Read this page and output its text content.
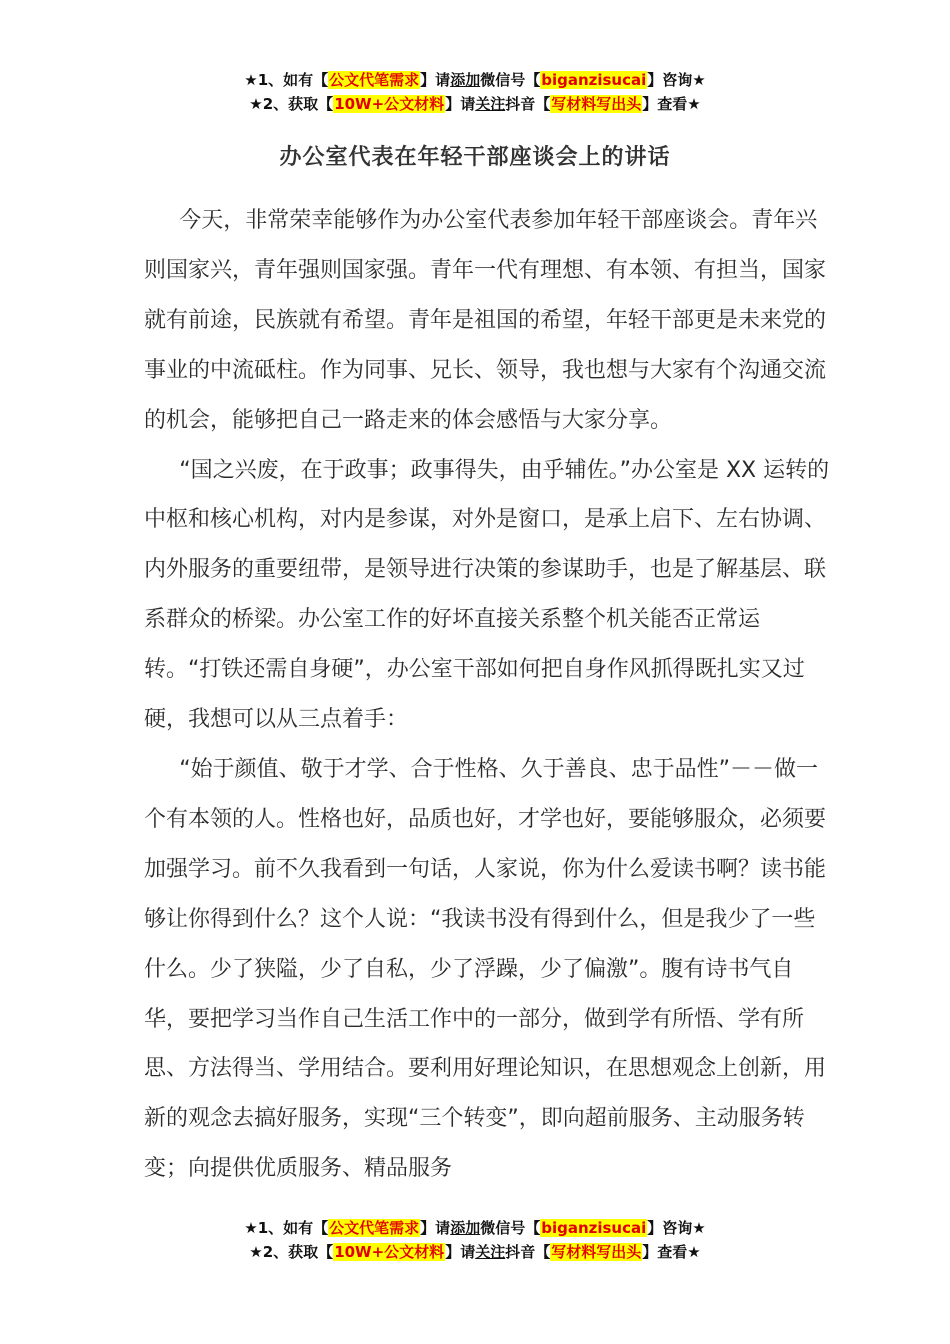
★1、如有【公文代笔需求】请添加微信号【biganzisucai】咨询★
★2、获取【10W+公文材料】请关注抖音【写材料写出头】查看★
办公室代表在年轻干部座谈会上的讲话

今天，非常荣幸能够作为办公室代表参加年轻干部座谈会。青年兴则国家兴，青年强则国家强。青年一代有理想、有本领、有担当，国家就有前途，民族就有希望。青年是祖国的希望，年轻干部更是未来党的事业的中流砥柱。作为同事、兄长、领导，我也想与大家有个沟通交流的机会，能够把自己一路走来的体会感悟与大家分享。

“国之兴废，在于政事；政事得失，由乎辅佐。”办公室是 XX 运转的中枢和核心机构，对内是参谋，对外是窗口，是承上启下、左右协调、内外服务的重要纽带，是领导进行决策的参谋助手，也是了解基层、联系群众的桥梁。办公室工作的好坏直接关系整个机关能否正常运转。“打铁还需自身硬”，办公室干部如何把自身作风抓得既扎实又过硬，我想可以从三点着手：

“始于颜值、敬于才学、合于性格、久于善良、忠于品性”－－做一个有本领的人。性格也好，品质也好，才学也好，要能够服众，必须要加强学习。前不久我看到一句话，人家说，你为什么爱读书啊？读书能够让你得到什么？这个人说：“我读书没有得到什么，但是我少了一些什么。少了狭隘，少了自私，少了浮躁，少了偏激”。腹有诗书气自华，要把学习当作自己生活工作中的一部分，做到学有所悟、学有所思、方法得当、学用结合。要利用好理论知识，在思想观念上创新，用新的观念去搞好服务，实现“三个转变”，即向超前服务、主动服务转变；向提供优质服务、精品服务

★1、如有【公文代笔需求】请添加微信号【biganzisucai】咨询★
★2、获取【10W+公文材料】请关注抖音【写材料写出头】查看★
